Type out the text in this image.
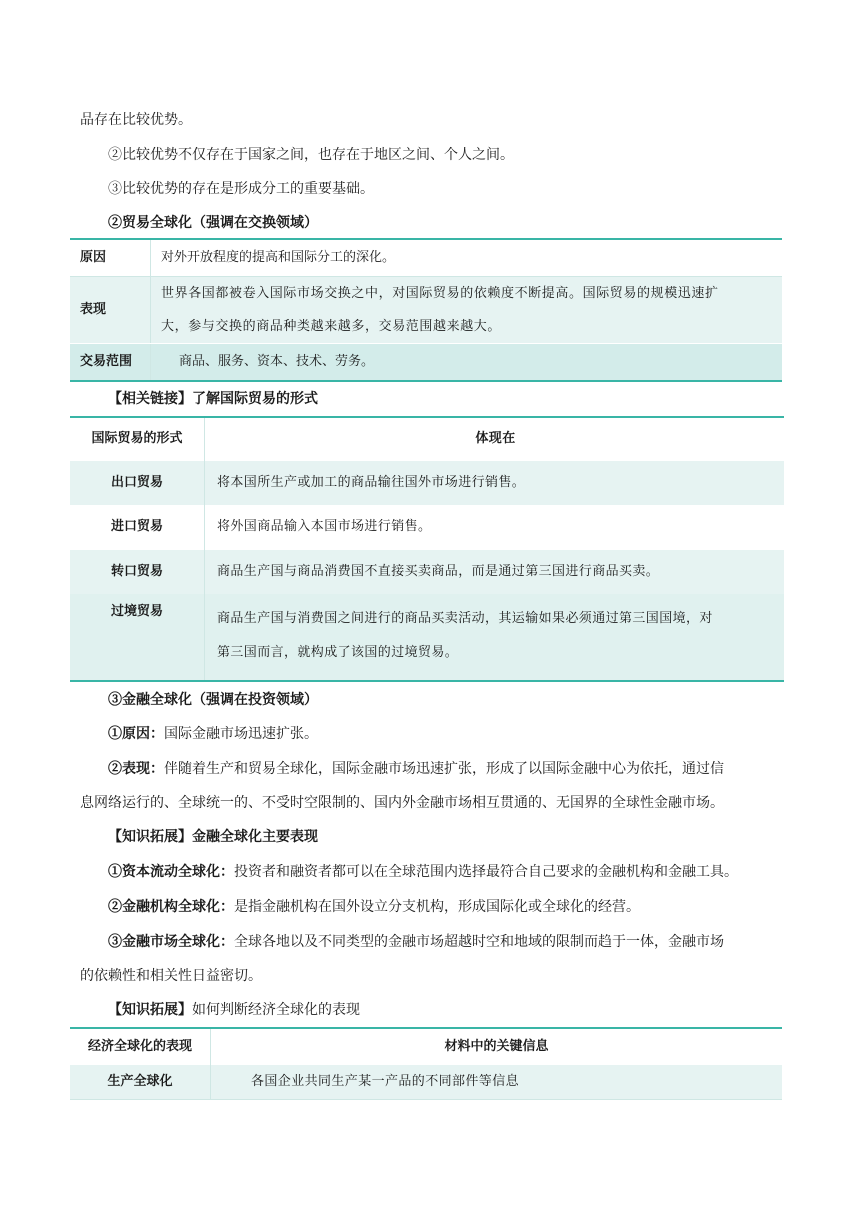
品存在比较优势。
②比较优势不仅存在于国家之间，也存在于地区之间、个人之间。
③比较优势的存在是形成分工的重要基础。
②贸易全球化（强调在交换领域）
原因	对外开放程度的提高和国际分工的深化。
表现	世界各国都被卷入国际市场交换之中，对国际贸易的依赖度不断提高。国际贸易的规模迅速扩
大，参与交换的商品种类越来越多，交易范围越来越大。

交易范围	商品、服务、资本、技术、劳务。
【相关链接】了解国际贸易的形式
国际贸易的形式	体现在
出口贸易	将本国所生产或加工的商品输往国外市场进行销售。
进口贸易	将外国商品输入本国市场进行销售。
转口贸易	商品生产国与商品消费国不直接买卖商品，而是通过第三国进行商品买卖。
过境贸易	商品生产国与消费国之间进行的商品买卖活动，其运输如果必须通过第三国国境，对
第三国而言，就构成了该国的过境贸易。
③金融全球化（强调在投资领域）
①原因：国际金融市场迅速扩张。
②表现：伴随着生产和贸易全球化，国际金融市场迅速扩张，形成了以国际金融中心为依托，通过信
息网络运行的、全球统一的、不受时空限制的、国内外金融市场相互贯通的、无国界的全球性金融市场。
【知识拓展】金融全球化主要表现
①资本流动全球化：投资者和融资者都可以在全球范围内选择最符合自己要求的金融机构和金融工具。
②金融机构全球化：是指金融机构在国外设立分支机构，形成国际化或全球化的经营。
③金融市场全球化：全球各地以及不同类型的金融市场超越时空和地域的限制而趋于一体，金融市场
的依赖性和相关性日益密切。
【知识拓展】如何判断经济全球化的表现
经济全球化的表现	材料中的关键信息
生产全球化	各国企业共同生产某一产品的不同部件等信息
